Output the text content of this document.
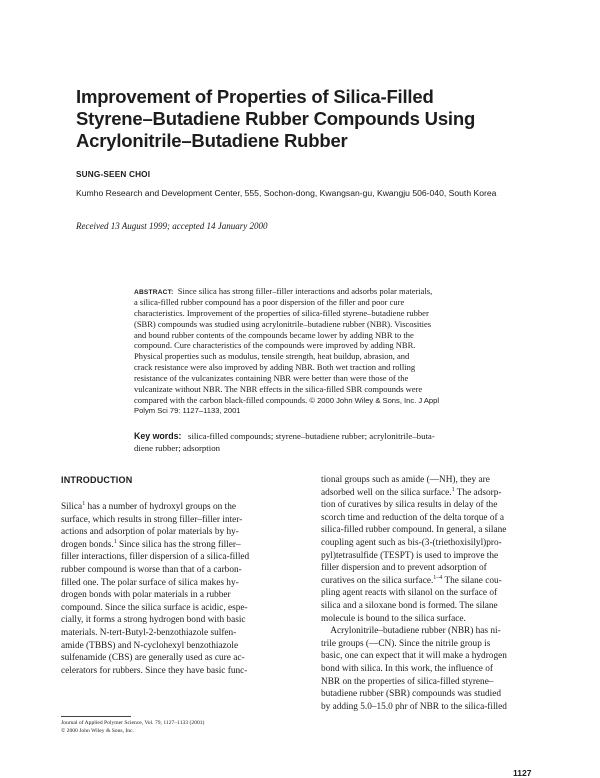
Improvement of Properties of Silica-Filled
Styrene–Butadiene Rubber Compounds Using
Acrylonitrile–Butadiene Rubber
SUNG-SEEN CHOI
Kumho Research and Development Center, 555, Sochon-dong, Kwangsan-gu, Kwangju 506-040, South Korea
Received 13 August 1999; accepted 14 January 2000
ABSTRACT: Since silica has strong filler–filler interactions and adsorbs polar materials,
a silica-filled rubber compound has a poor dispersion of the filler and poor cure
characteristics. Improvement of the properties of silica-filled styrene–butadiene rubber
(SBR) compounds was studied using acrylonitrile–butadiene rubber (NBR). Viscosities
and bound rubber contents of the compounds became lower by adding NBR to the
compound. Cure characteristics of the compounds were improved by adding NBR.
Physical properties such as modulus, tensile strength, heat buildup, abrasion, and
crack resistance were also improved by adding NBR. Both wet traction and rolling
resistance of the vulcanizates containing NBR were better than were those of the
vulcanizate without NBR. The NBR effects in the silica-filled SBR compounds were
compared with the carbon black-filled compounds. © 2000 John Wiley & Sons, Inc. J Appl
Polym Sci 79: 1127–1133, 2001
Key words: silica-filled compounds; styrene–butadiene rubber; acrylonitrile–buta-
diene rubber; adsorption
INTRODUCTION
Silica$^1$ has a number of hydroxyl groups on the
surface, which results in strong filler–filler inter-
actions and adsorption of polar materials by hy-
drogen bonds.$^1$ Since silica has the strong filler–
filler interactions, filler dispersion of a silica-filled
rubber compound is worse than that of a carbon-
filled one. The polar surface of silica makes hy-
drogen bonds with polar materials in a rubber
compound. Since the silica surface is acidic, espe-
cially, it forms a strong hydrogen bond with basic
materials. N-tert-Butyl-2-benzothiazole sulfen-
amide (TBBS) and N-cyclohexyl benzothiazole
sulfenamide (CBS) are generally used as cure ac-
celerators for rubbers. Since they have basic func-
tional groups such as amide (—NH), they are
adsorbed well on the silica surface.$^1$ The adsorp-
tion of curatives by silica results in delay of the
scorch time and reduction of the delta torque of a
silica-filled rubber compound. In general, a silane
coupling agent such as bis-(3-(triethoxisilyl)pro-
pyl)tetrasulfide (TESPT) is used to improve the
filler dispersion and to prevent adsorption of
curatives on the silica surface.$^{1-4}$ The silane cou-
pling agent reacts with silanol on the surface of
silica and a siloxane bond is formed. The silane
molecule is bound to the silica surface.
 Acrylonitrile–butadiene rubber (NBR) has ni-
trile groups (—CN). Since the nitrile group is
basic, one can expect that it will make a hydrogen
bond with silica. In this work, the influence of
NBR on the properties of silica-filled styrene–
butadiene rubber (SBR) compounds was studied
by adding 5.0–15.0 phr of NBR to the silica-filled
Journal of Applied Polymer Science, Vol. 79, 1127–1133 (2001)
© 2000 John Wiley & Sons, Inc.
1127
